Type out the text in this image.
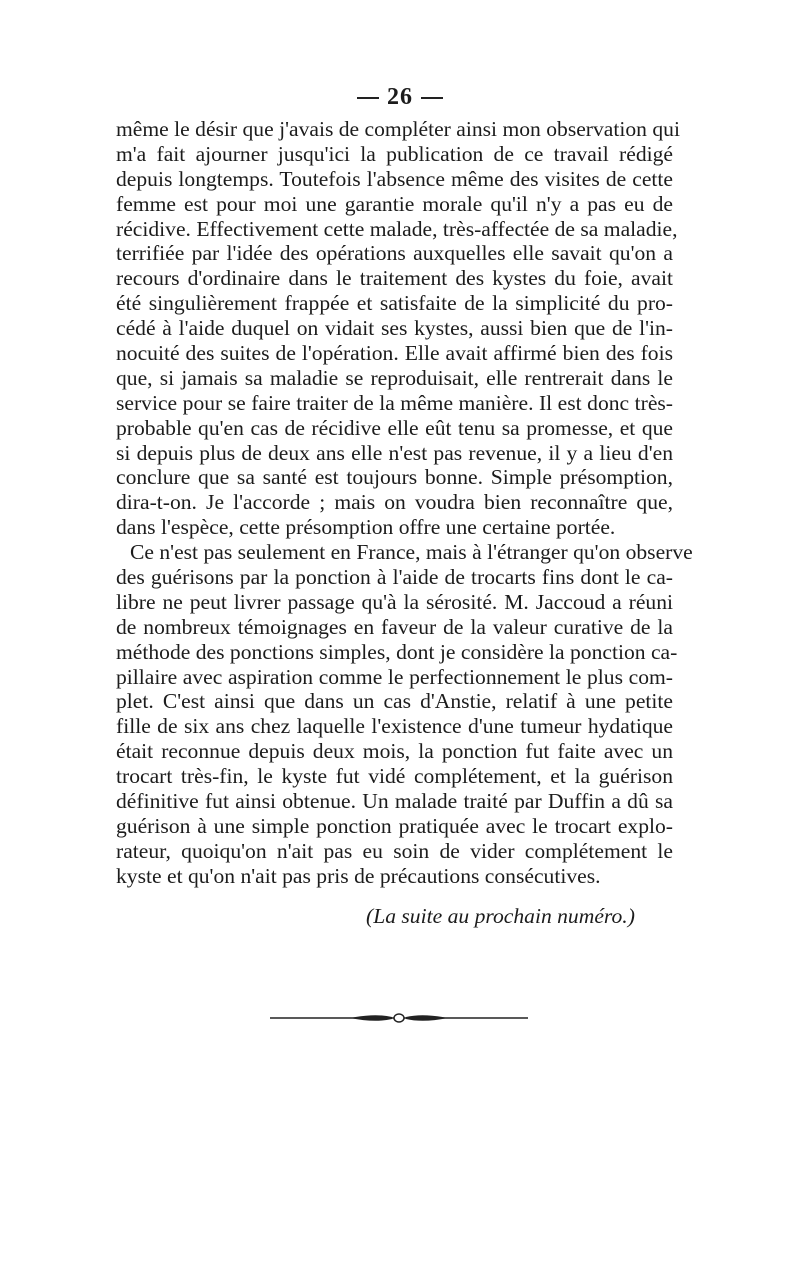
26
même le désir que j'avais de compléter ainsi mon observation qui
m'a fait ajourner jusqu'ici la publication de ce travail rédigé
depuis longtemps. Toutefois l'absence même des visites de cette
femme est pour moi une garantie morale qu'il n'y a pas eu de
récidive. Effectivement cette malade, très-affectée de sa maladie,
terrifiée par l'idée des opérations auxquelles elle savait qu'on a
recours d'ordinaire dans le traitement des kystes du foie, avait
été singulièrement frappée et satisfaite de la simplicité du pro-
cédé à l'aide duquel on vidait ses kystes, aussi bien que de l'in-
nocuité des suites de l'opération. Elle avait affirmé bien des fois
que, si jamais sa maladie se reproduisait, elle rentrerait dans le
service pour se faire traiter de la même manière. Il est donc très-
probable qu'en cas de récidive elle eût tenu sa promesse, et que
si depuis plus de deux ans elle n'est pas revenue, il y a lieu d'en
conclure que sa santé est toujours bonne. Simple présomption,
dira-t-on. Je l'accorde ; mais on voudra bien reconnaître que,
dans l'espèce, cette présomption offre une certaine portée.
Ce n'est pas seulement en France, mais à l'étranger qu'on observe
des guérisons par la ponction à l'aide de trocarts fins dont le ca-
libre ne peut livrer passage qu'à la sérosité. M. Jaccoud a réuni
de nombreux témoignages en faveur de la valeur curative de la
méthode des ponctions simples, dont je considère la ponction ca-
pillaire avec aspiration comme le perfectionnement le plus com-
plet. C'est ainsi que dans un cas d'Anstie, relatif à une petite
fille de six ans chez laquelle l'existence d'une tumeur hydatique
était reconnue depuis deux mois, la ponction fut faite avec un
trocart très-fin, le kyste fut vidé complétement, et la guérison
définitive fut ainsi obtenue. Un malade traité par Duffin a dû sa
guérison à une simple ponction pratiquée avec le trocart explo-
rateur, quoiqu'on n'ait pas eu soin de vider complétement le
kyste et qu'on n'ait pas pris de précautions consécutives.
(La suite au prochain numéro.)
